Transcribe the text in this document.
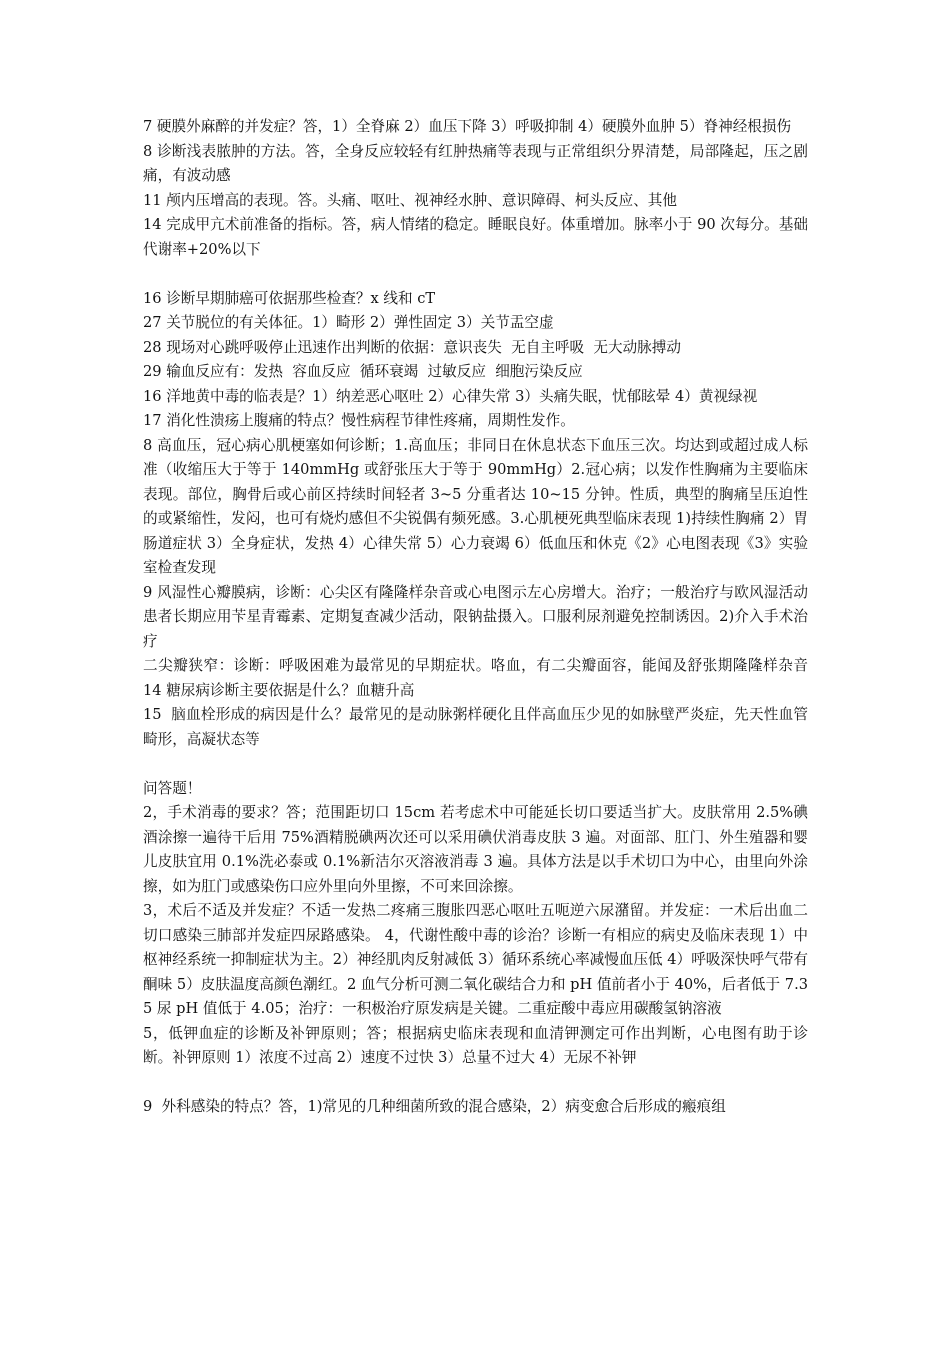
7 硬膜外麻醉的并发症？答，1）全脊麻 2）血压下降 3）呼吸抑制 4）硬膜外血肿 5）脊神经根损伤

8 诊断浅表脓肿的方法。答，全身反应较轻有红肿热痛等表现与正常组织分界清楚，局部隆起，压之剧痛，有波动感

11 颅内压增高的表现。答。头痛、呕吐、视神经水肿、意识障碍、柯头反应、其他

14 完成甲亢术前准备的指标。答，病人情绪的稳定。睡眠良好。体重增加。脉率小于 90 次每分。基础代谢率+20%以下

16 诊断早期肺癌可依据那些检查？x 线和 cT

27 关节脱位的有关体征。1）畸形 2）弹性固定 3）关节盂空虚

28 现场对心跳呼吸停止迅速作出判断的依据：意识丧失  无自主呼吸  无大动脉搏动

29 输血反应有：发热  容血反应  循环衰竭  过敏反应  细胞污染反应

16 洋地黄中毒的临表是？1）纳差恶心呕吐 2）心律失常 3）头痛失眠，忧郁眩晕 4）黄视绿视

17 消化性溃疡上腹痛的特点？慢性病程节律性疼痛，周期性发作。

8 高血压，冠心病心肌梗塞如何诊断；1.高血压；非同日在休息状态下血压三次。均达到或超过成人标准（收缩压大于等于 140mmHg 或舒张压大于等于 90mmHg）2.冠心病；以发作性胸痛为主要临床表现。部位，胸骨后或心前区持续时间轻者 3~5 分重者达 10~15 分钟。性质，典型的胸痛呈压迫性的或紧缩性，发闷，也可有烧灼感但不尖锐偶有频死感。3.心肌梗死典型临床表现 1)持续性胸痛 2）胃肠道症状 3）全身症状，发热 4）心律失常 5）心力衰竭 6）低血压和休克《2》心电图表现《3》实验室检查发现

9 风湿性心瓣膜病，诊断：心尖区有隆隆样杂音或心电图示左心房增大。治疗；一般治疗与欧风湿活动患者长期应用苄星青霉素、定期复查减少活动，限钠盐摄入。口服利尿剂避免控制诱因。2)介入手术治疗

二尖瓣狭窄：诊断：呼吸困难为最常见的早期症状。咯血，有二尖瓣面容，能闻及舒张期隆隆样杂音      14 糖尿病诊断主要依据是什么？血糖升高

15  脑血栓形成的病因是什么？最常见的是动脉粥样硬化且伴高血压少见的如脉壁严炎症，先天性血管畸形，高凝状态等

问答题！

2，手术消毒的要求？答；范围距切口 15cm 若考虑术中可能延长切口要适当扩大。皮肤常用 2.5%碘酒涂擦一遍待干后用 75%酒精脱碘两次还可以采用碘伏消毒皮肤 3 遍。对面部、肛门、外生殖器和婴儿皮肤宜用 0.1%洗必泰或 0.1%新洁尔灭溶液消毒 3 遍。具体方法是以手术切口为中心，由里向外涂擦，如为肛门或感染伤口应外里向外里擦，不可来回涂擦。

3，术后不适及并发症？不适一发热二疼痛三腹胀四恶心呕吐五呃逆六尿潴留。并发症：一术后出血二切口感染三肺部并发症四尿路感染。 4，代谢性酸中毒的诊治？诊断一有相应的病史及临床表现 1）中枢神经系统一抑制症状为主。2）神经肌肉反射减低 3）循环系统心率减慢血压低 4）呼吸深快呼气带有酮味 5）皮肤温度高颜色潮红。2 血气分析可测二氧化碳结合力和 pH 值前者小于 40%，后者低于 7.35 尿 pH 值低于 4.05；治疗：一积极治疗原发病是关键。二重症酸中毒应用碳酸氢钠溶液

5，低钾血症的诊断及补钾原则；答；根据病史临床表现和血清钾测定可作出判断，心电图有助于诊断。补钾原则 1）浓度不过高 2）速度不过快 3）总量不过大 4）无尿不补钾

9  外科感染的特点？答，1)常见的几种细菌所致的混合感染，2）病变愈合后形成的瘢痕组
